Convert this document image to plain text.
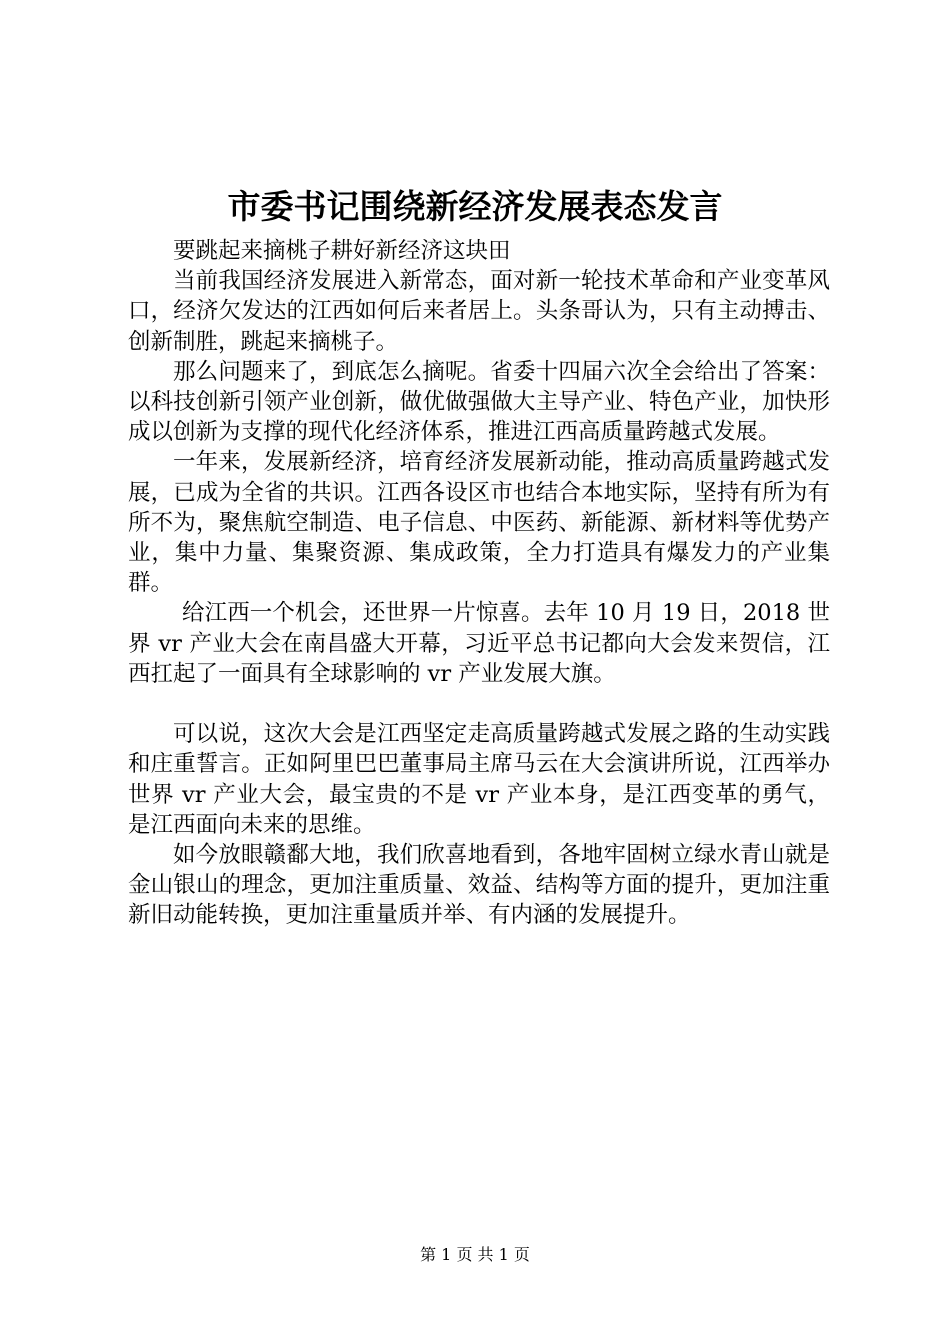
市委书记围绕新经济发展表态发言

要跳起来摘桃子耕好新经济这块田

当前我国经济发展进入新常态，面对新一轮技术革命和产业变革风口，经济欠发达的江西如何后来者居上。头条哥认为，只有主动搏击、创新制胜，跳起来摘桃子。

那么问题来了，到底怎么摘呢。省委十四届六次全会给出了答案：以科技创新引领产业创新，做优做强做大主导产业、特色产业，加快形成以创新为支撑的现代化经济体系，推进江西高质量跨越式发展。

一年来，发展新经济，培育经济发展新动能，推动高质量跨越式发展，已成为全省的共识。江西各设区市也结合本地实际，坚持有所为有所不为，聚焦航空制造、电子信息、中医药、新能源、新材料等优势产业，集中力量、集聚资源、集成政策，全力打造具有爆发力的产业集群。

给江西一个机会，还世界一片惊喜。去年 10 月 19 日，2018 世界 vr 产业大会在南昌盛大开幕，习近平总书记都向大会发来贺信，江西扛起了一面具有全球影响的 vr 产业发展大旗。

可以说，这次大会是江西坚定走高质量跨越式发展之路的生动实践和庄重誓言。正如阿里巴巴董事局主席马云在大会演讲所说，江西举办世界 vr 产业大会，最宝贵的不是 vr 产业本身，是江西变革的勇气，是江西面向未来的思维。

如今放眼赣鄱大地，我们欣喜地看到，各地牢固树立绿水青山就是金山银山的理念，更加注重质量、效益、结构等方面的提升，更加注重新旧动能转换，更加注重量质并举、有内涵的发展提升。

第 1 页 共 1 页
